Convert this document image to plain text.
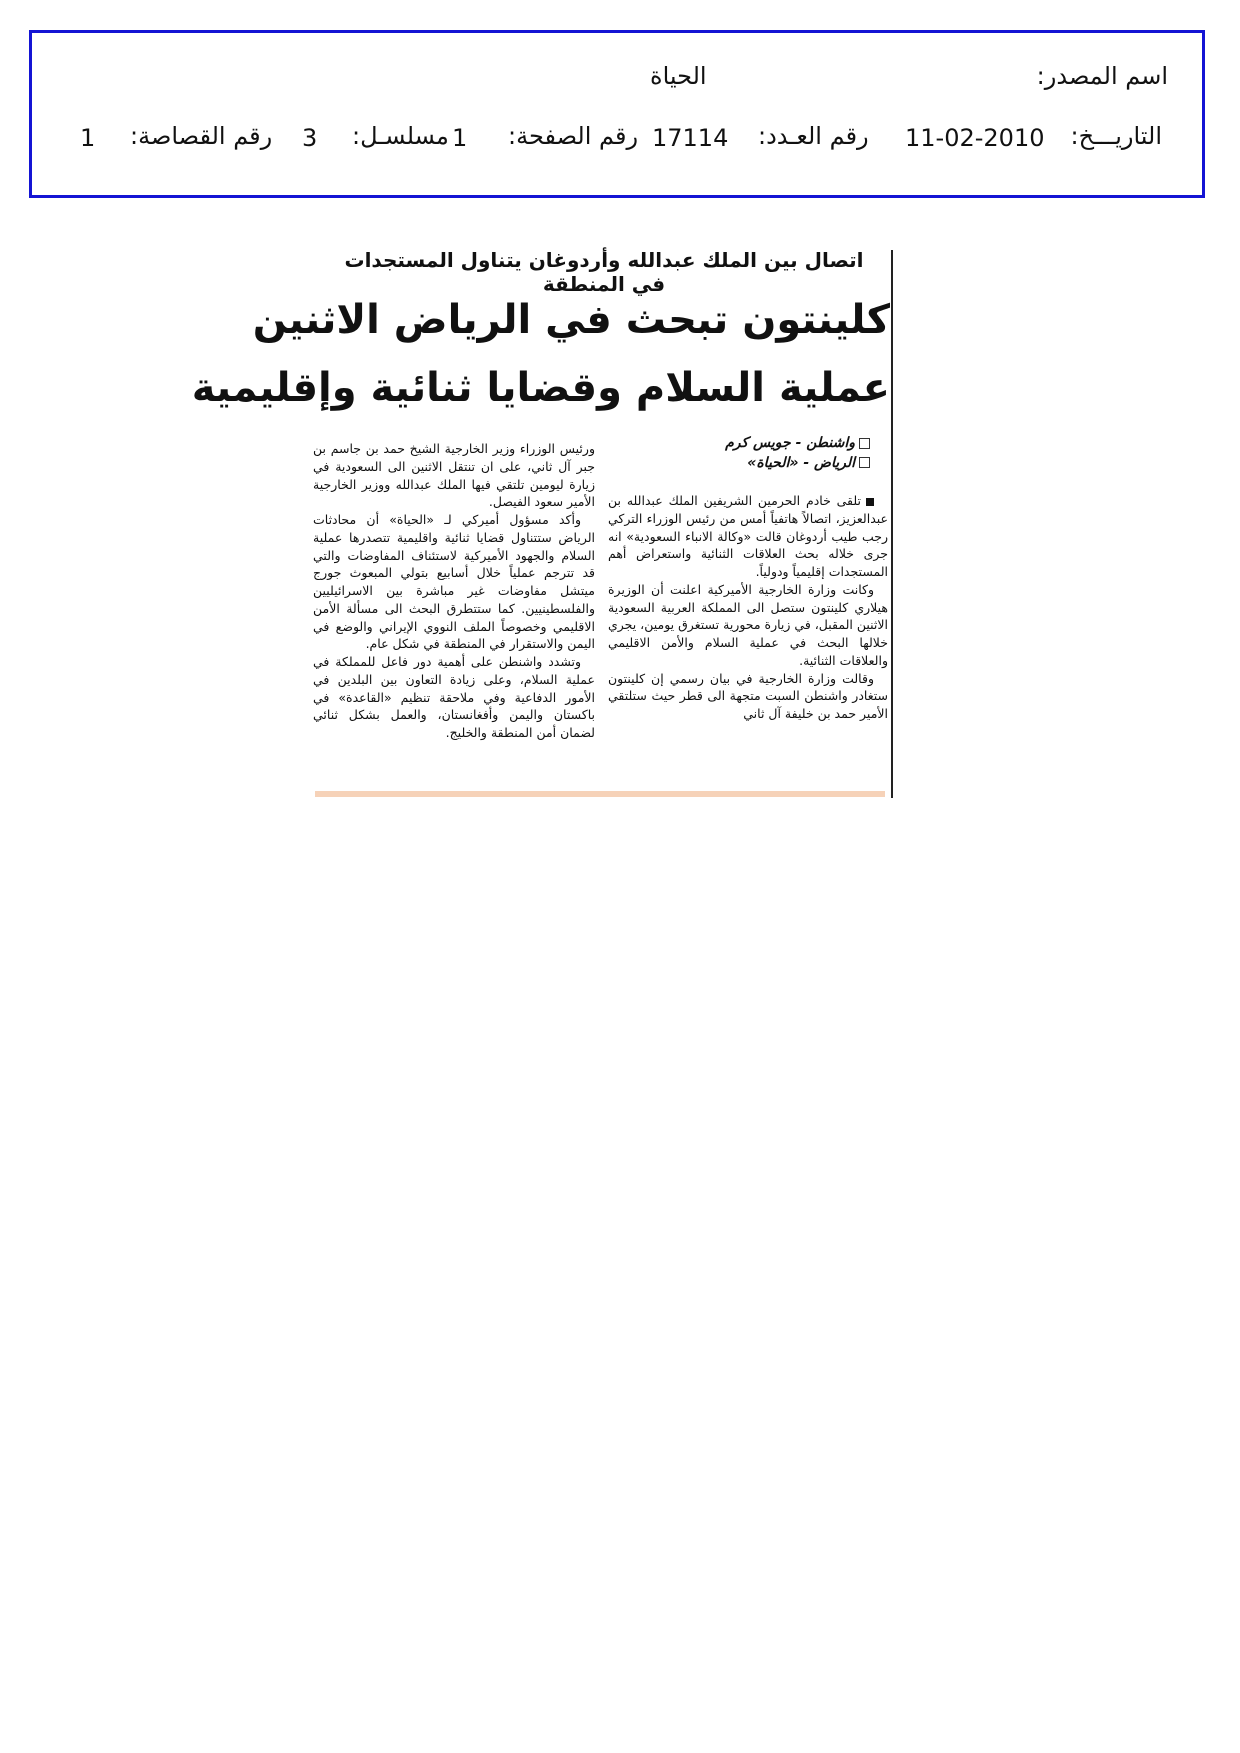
اسم المصدر:
الحياة
التاريـــخ:
11-02-2010
رقم العـدد:
17114
رقم الصفحة:
1
مسلسـل:
3
رقم القصاصة:
1
اتصال بين الملك عبدالله وأردوغان يتناول المستجدات في المنطقة
كلينتون تبحث في الرياض الاثنين
عملية السلام وقضايا ثنائية وإقليمية
واشنطن - جويس كرم
الرياض - «الحياة»

تلقى خادم الحرمين الشريفين الملك عبدالله بن عبدالعزيز، اتصالاً هاتفياً أمس من رئيس الوزراء التركي رجب طيب أردوغان قالت «وكالة الانباء السعودية» انه جرى خلاله بحث العلاقات الثنائية واستعراض أهم المستجدات إقليمياً ودولياً.

وكانت وزارة الخارجية الأميركية اعلنت أن الوزيرة هيلاري كلينتون ستصل الى المملكة العربية السعودية الاثنين المقبل، في زيارة محورية تستغرق يومين، يجري خلالها البحث في عملية السلام والأمن الاقليمي والعلاقات الثنائية.

وقالت وزارة الخارجية في بيان رسمي إن كلينتون ستغادر واشنطن السبت متجهة الى قطر حيث ستلتقي الأمير حمد بن خليفة آل ثاني

ورئيس الوزراء وزير الخارجية الشيخ حمد بن جاسم بن جبر آل ثاني، على ان تنتقل الاثنين الى السعودية في زيارة ليومين تلتقي فيها الملك عبدالله ووزير الخارجية الأمير سعود الفيصل.

وأكد مسؤول أميركي لـ «الحياة» أن محادثات الرياض ستتناول قضايا ثنائية واقليمية تتصدرها عملية السلام والجهود الأميركية لاستئناف المفاوضات والتي قد تترجم عملياً خلال أسابيع بتولي المبعوث جورج ميتشل مفاوضات غير مباشرة بين الاسرائيليين والفلسطينيين. كما ستتطرق البحث الى مسألة الأمن الاقليمي وخصوصاً الملف النووي الإيراني والوضع في اليمن والاستقرار في المنطقة في شكل عام.

وتشدد واشنطن على أهمية دور فاعل للمملكة في عملية السلام، وعلى زيادة التعاون بين البلدين في الأمور الدفاعية وفي ملاحقة تنظيم «القاعدة» في باكستان واليمن وأفغانستان، والعمل بشكل ثنائي لضمان أمن المنطقة والخليج.
